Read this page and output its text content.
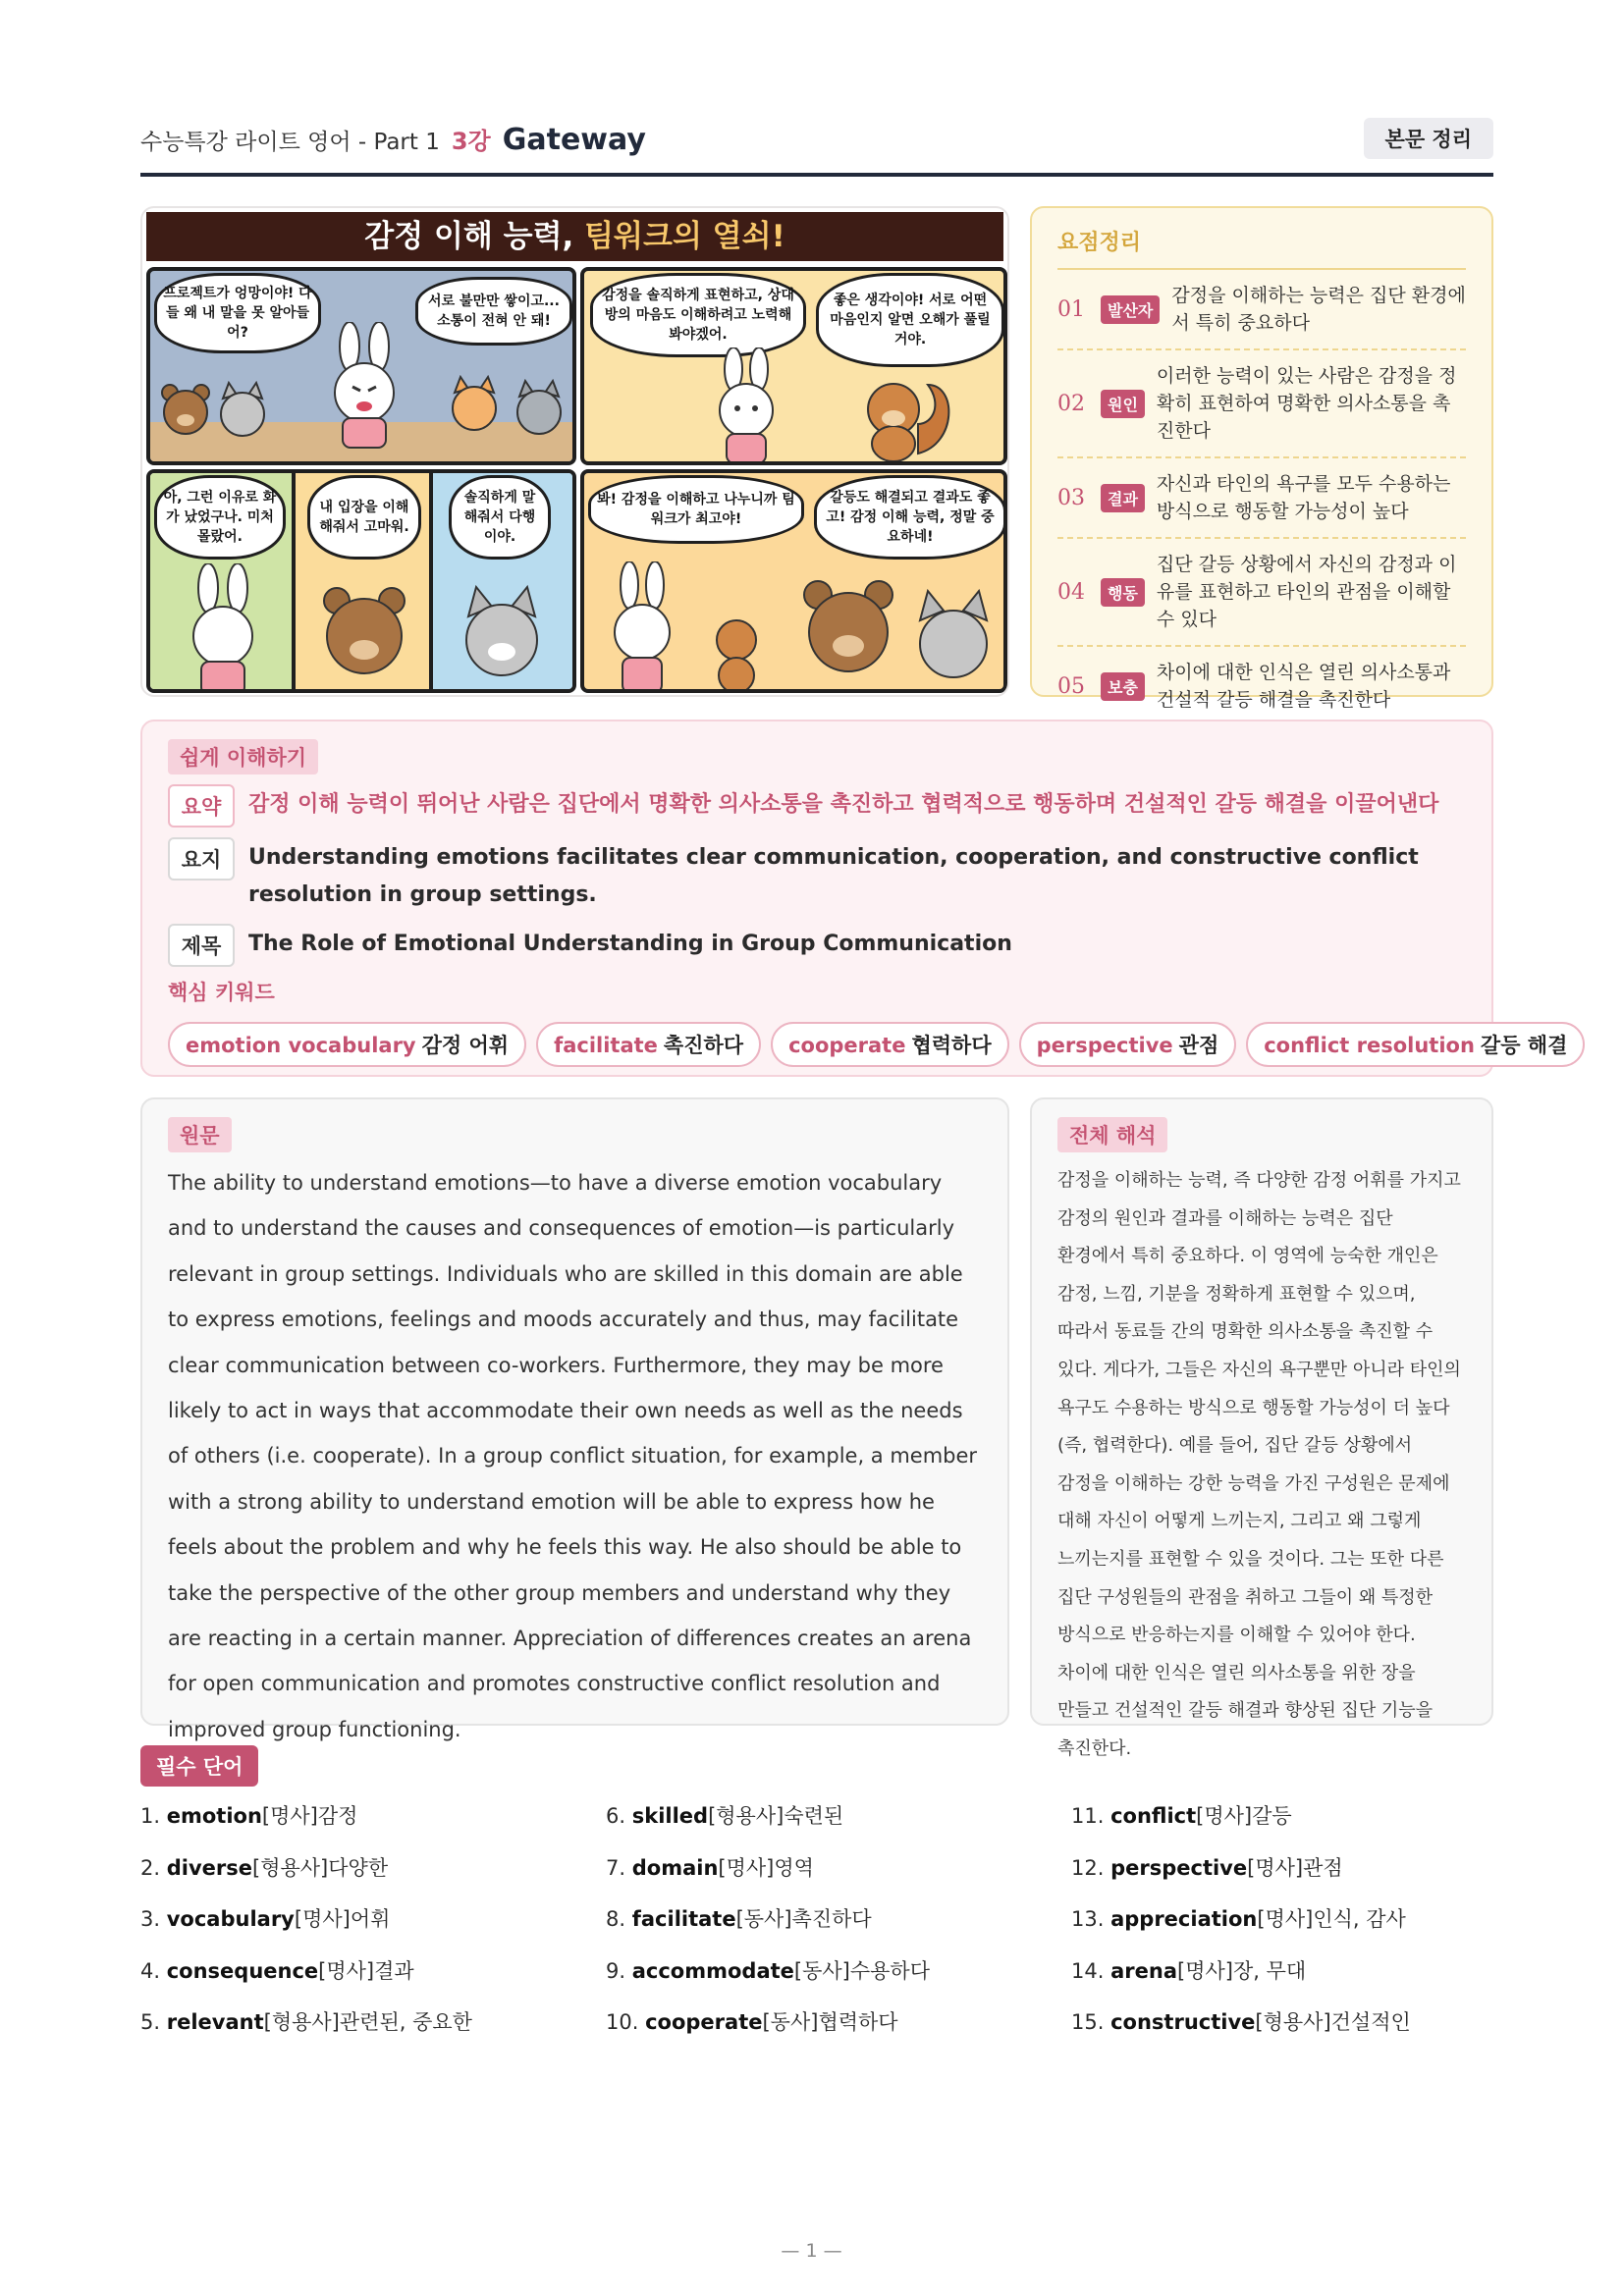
수능특강 라이트 영어 - Part 1 3강 Gateway	본문 정리
감정 이해 능력, 팀워크의 열쇠!
프로젝트가 엉망이야! 다들 왜 내 말을 못 알아들어?
서로 불만만 쌓이고... 소통이 전혀 안 돼!
감정을 솔직하게 표현하고, 상대방의 마음도 이해하려고 노력해봐야겠어.
좋은 생각이야! 서로 어떤 마음인지 알면 오해가 풀릴 거야.
아, 그런 이유로 화가 났었구나. 미처 몰랐어.
내 입장을 이해해줘서 고마워.
솔직하게 말해줘서 다행이야.
봐! 감정을 이해하고 나누니까 팀워크가 최고야!
갈등도 해결되고 결과도 좋고! 감정 이해 능력, 정말 중요하네!
요점정리
01	발산자
감정을 이해하는 능력은 집단 환경에서 특히 중요하다
02	원인
이러한 능력이 있는 사람은 감정을 정확히 표현하여 명확한 의사소통을 촉진한다
03	결과
자신과 타인의 욕구를 모두 수용하는 방식으로 행동할 가능성이 높다
04	행동
집단 갈등 상황에서 자신의 감정과 이유를 표현하고 타인의 관점을 이해할 수 있다
05	보충
차이에 대한 인식은 열린 의사소통과 건설적 갈등 해결을 촉진한다
쉽게 이해하기
요약	감정 이해 능력이 뛰어난 사람은 집단에서 명확한 의사소통을 촉진하고 협력적으로 행동하며 건설적인 갈등 해결을 이끌어낸다
요지	Understanding emotions facilitates clear communication, cooperation, and constructive conflict resolution in group settings.
제목	The Role of Emotional Understanding in Group Communication
핵심 키워드
emotion vocabulary 감정 어휘	facilitate 촉진하다	cooperate 협력하다	perspective 관점	conflict resolution 갈등 해결
원문
The ability to understand emotions—to have a diverse emotion vocabulary and to understand the causes and consequences of emotion—is particularly relevant in group settings. Individuals who are skilled in this domain are able to express emotions, feelings and moods accurately and thus, may facilitate clear communication between co-workers. Furthermore, they may be more likely to act in ways that accommodate their own needs as well as the needs of others (i.e. cooperate). In a group conflict situation, for example, a member with a strong ability to understand emotion will be able to express how he feels about the problem and why he feels this way. He also should be able to take the perspective of the other group members and understand why they are reacting in a certain manner. Appreciation of differences creates an arena for open communication and promotes constructive conflict resolution and improved group functioning.
전체 해석
감정을 이해하는 능력, 즉 다양한 감정 어휘를 가지고 감정의 원인과 결과를 이해하는 능력은 집단 환경에서 특히 중요하다. 이 영역에 능숙한 개인은 감정, 느낌, 기분을 정확하게 표현할 수 있으며, 따라서 동료들 간의 명확한 의사소통을 촉진할 수 있다. 게다가, 그들은 자신의 욕구뿐만 아니라 타인의 욕구도 수용하는 방식으로 행동할 가능성이 더 높다(즉, 협력한다). 예를 들어, 집단 갈등 상황에서 감정을 이해하는 강한 능력을 가진 구성원은 문제에 대해 자신이 어떻게 느끼는지, 그리고 왜 그렇게 느끼는지를 표현할 수 있을 것이다. 그는 또한 다른 집단 구성원들의 관점을 취하고 그들이 왜 특정한 방식으로 반응하는지를 이해할 수 있어야 한다. 차이에 대한 인식은 열린 의사소통을 위한 장을 만들고 건설적인 갈등 해결과 향상된 집단 기능을 촉진한다.
필수 단어
1. emotion[명사]감정
2. diverse[형용사]다양한
3. vocabulary[명사]어휘
4. consequence[명사]결과
5. relevant[형용사]관련된, 중요한
6. skilled[형용사]숙련된
7. domain[명사]영역
8. facilitate[동사]촉진하다
9. accommodate[동사]수용하다
10. cooperate[동사]협력하다
11. conflict[명사]갈등
12. perspective[명사]관점
13. appreciation[명사]인식, 감사
14. arena[명사]장, 무대
15. constructive[형용사]건설적인
— 1 —
